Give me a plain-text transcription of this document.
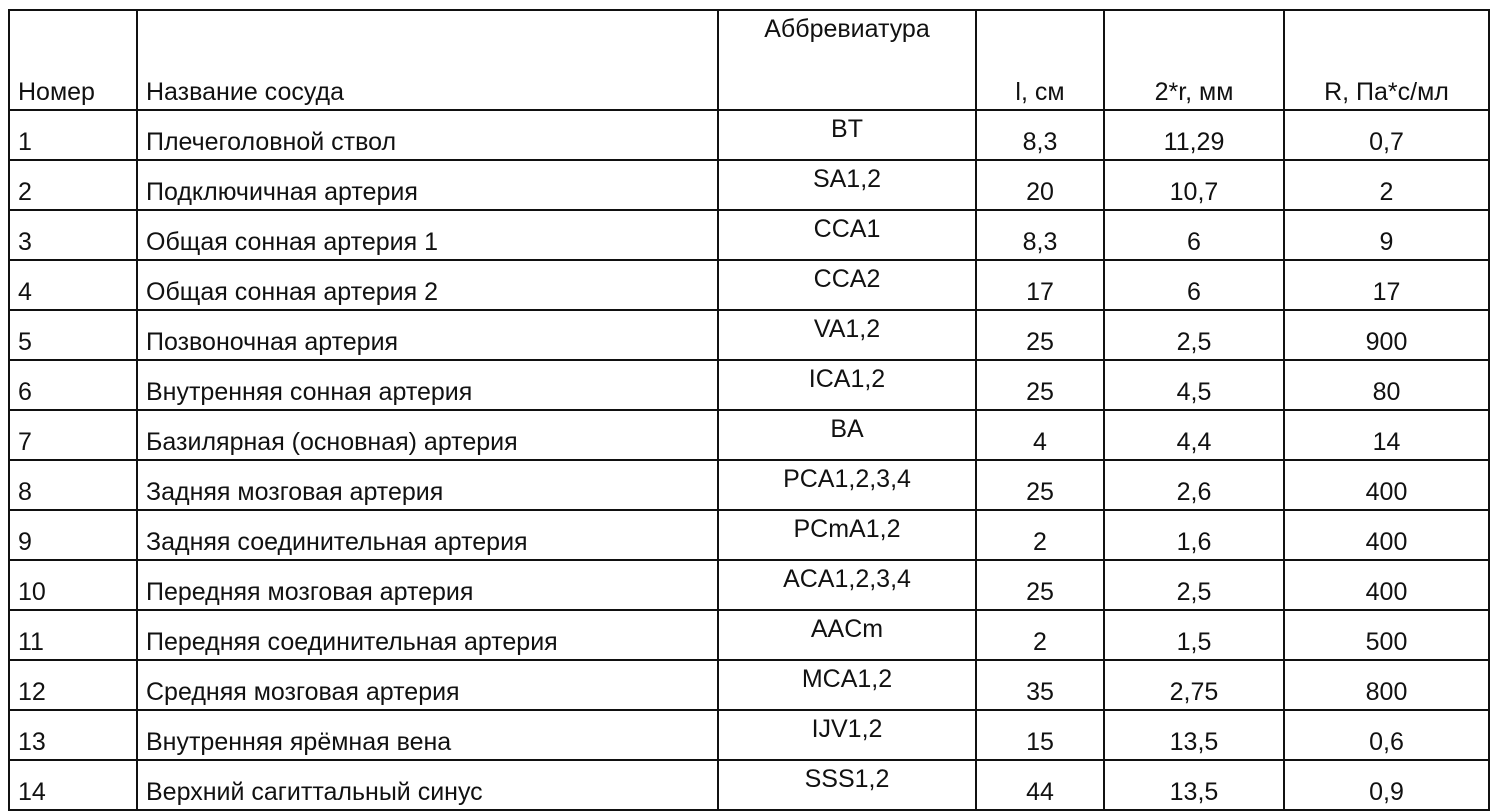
Номер	Название сосуда	Аббревиатура	l, см	2*r, мм	R, Па*с/мл
1	Плечеголовной ствол	BT	8,3	11,29	0,7
2	Подключичная артерия	SA1,2	20	10,7	2
3	Общая сонная артерия 1	CCA1	8,3	6	9
4	Общая сонная артерия 2	CCA2	17	6	17
5	Позвоночная артерия	VA1,2	25	2,5	900
6	Внутренняя сонная артерия	ICA1,2	25	4,5	80
7	Базилярная (основная) артерия	BA	4	4,4	14
8	Задняя мозговая артерия	PCA1,2,3,4	25	2,6	400
9	Задняя соединительная артерия	PCmA1,2	2	1,6	400
10	Передняя мозговая артерия	ACA1,2,3,4	25	2,5	400
11	Передняя соединительная артерия	AACm	2	1,5	500
12	Средняя мозговая артерия	MCA1,2	35	2,75	800
13	Внутренняя ярёмная вена	IJV1,2	15	13,5	0,6
14	Верхний сагиттальный синус	SSS1,2	44	13,5	0,9
